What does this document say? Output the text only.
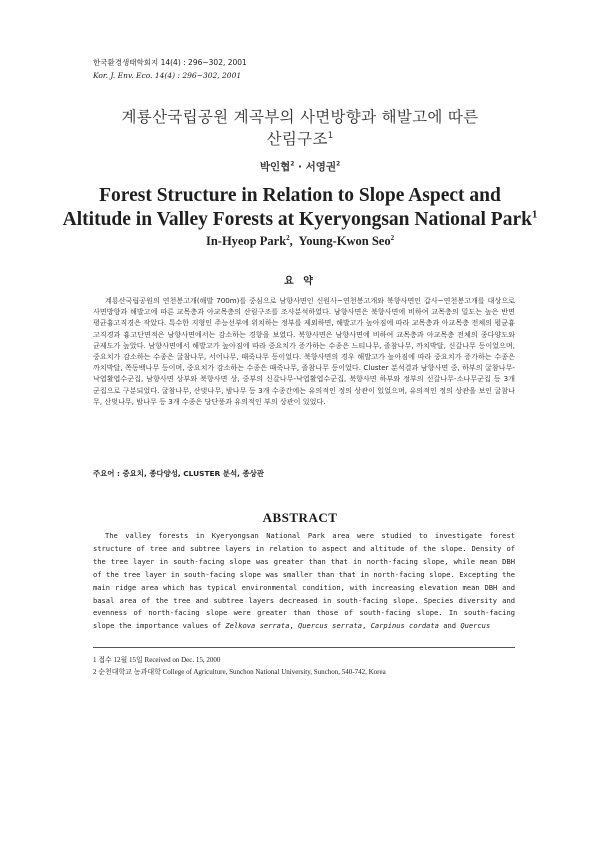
한국환경생태학회지 14(4) : 296~302, 2001
Kor. J. Env. Eco. 14(4) : 296~302, 2001
계룡산국립공원 계곡부의 사면방향과 해발고에 따른
산림구조$^1$
박인협$^2$ · 서영권$^2$
Forest Structure in Relation to Slope Aspect and
Altitude in Valley Forests at Kyeryongsan National Park$^1$
In-Hyeop Park$^2$, Young-Kwon Seo$^2$
요 약
계룡산국립공원의 연천봉고개(해발 700m)를 중심으로 남향사면인 신원사~연천봉고개와 북향사면인 갑사~연천봉고개를 대상으로 사면방향과 해발고에 따른 교목층과 아교목층의 산림구조를 조사분석하였다. 남향사면은 북향사면에 비하여 교목층의 밀도는 높은 반면 평균흉고직경은 작았다. 특수한 지형인 주능선부에 위치하는 정부를 제외하면, 해발고가 높아짐에 따라 교목층과 아교목층 전체의 평균흉고직경과 흉고단면적은 남향사면에서는 감소하는 경향을 보였다. 북향사면은 남향사면에 비하여 교목층과 아교목층 전체의 종다양도와 균제도가 높았다. 남향사면에서 해발고가 높아짐에 따라 중요치가 증가하는 수종은 느티나무, 졸참나무, 까치박달, 신갈나무 등이었으며, 중요치가 감소하는 수종은 굴참나무, 서어나무, 때죽나무 등이었다. 북향사면의 경우 해발고가 높아짐에 따라 중요치가 증가하는 수종은 까치박달, 쪽동백나무 등이며, 중요치가 감소하는 수종은 때죽나무, 졸참나무 등이었다. Cluster 분석결과 남향사면 중, 하부의 굴참나무-낙엽활엽수군집, 남향사면 상부와 북향사면 상, 중부의 신갈나무-낙엽활엽수군집, 북향사면 하부와 정부의 신갈나무-소나무군집 등 3개 군집으로 구분되었다. 굴참나무, 산벚나무, 밤나무 등 3개 수종간에는 유의적인 정의 상관이 있었으며, 유의적인 정의 상관을 보인 굴참나무, 산벚나무, 밤나무 등 3개 수종은 당단풍과 유의적인 부의 상관이 있었다.
주요어 : 중요치, 종다양성, CLUSTER 분석, 종상관
ABSTRACT
The valley forests in Kyeryongsan National Park area were studied to investigate forest structure of tree and subtree layers in relation to aspect and altitude of the slope. Density of the tree layer in south-facing slope was greater than that in north-facing slope, while mean DBH of the tree layer in south-facing slope was smaller than that in north-facing slope. Excepting the main ridge area which has typical environmental condition, with increasing elevation mean DBH and basal area of the tree and subtree layers decreased in south-facing slope. Species diversity and evenness of north-facing slope were greater than those of south-facing slope. In south-facing slope the importance values of Zelkova serrata, Quercus serrata, Carpinus cordata and Quercus
1 접수 12월 15일 Received on Dec. 15, 2000
2 순천대학교 농과대학 College of Agriculture, Sunchon National University, Sunchon, 540-742, Korea
